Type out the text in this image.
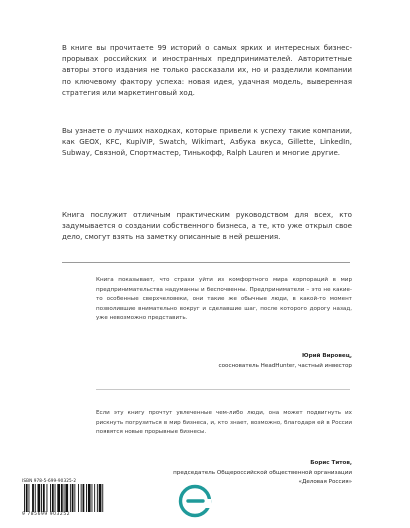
В книге вы прочитаете 99 историй о самых ярких и интересных бизнес-прорывах российских и иностранных предпринимателей. Авторитетные авторы этого издания не только рассказали их, но и разделили компании по ключевому фактору успеха: новая идея, удачная модель, выверенная стратегия или маркетинговый ход.

Вы узнаете о лучших находках, которые привели к успеху такие компании, как GEOX, KFC, KupiVIP, Swatch, Wikimart, Азбука вкуса, Gillette, LinkedIn, Subway, Связной, Спортмастер, Тинькофф, Ralph Lauren и многие другие.

Книга послужит отличным практическим руководством для всех, кто задумывается о создании собственного бизнеса, а те, кто уже открыл свое дело, смогут взять на заметку описанные в ней решения.

Книга показывает, что страхи уйти из комфортного мира корпораций в мир предпринимательства надуманны и беспочвенны. Предприниматели – это не какие-то особенные сверхчеловеки, они такие же обычные люди, в какой-то момент позволившие внимательно вокруг и сделавшие шаг, после которого дорогу назад, уже невозможно представить.

Юрий Вировец,
сооснователь HeadHunter, частный инвестор

Если эту книгу прочтут увлеченные чем-либо люди, она может подвигнуть их рискнуть погрузиться в мир бизнеса, и, кто знает, возможно, благодаря ей в России появятся новые прорывные бизнесы.

Борис Титов,
председатель Общероссийской общественной организации
«Деловая Россия»
ISBN 978-5-699-90325-2
9 785699 903252
